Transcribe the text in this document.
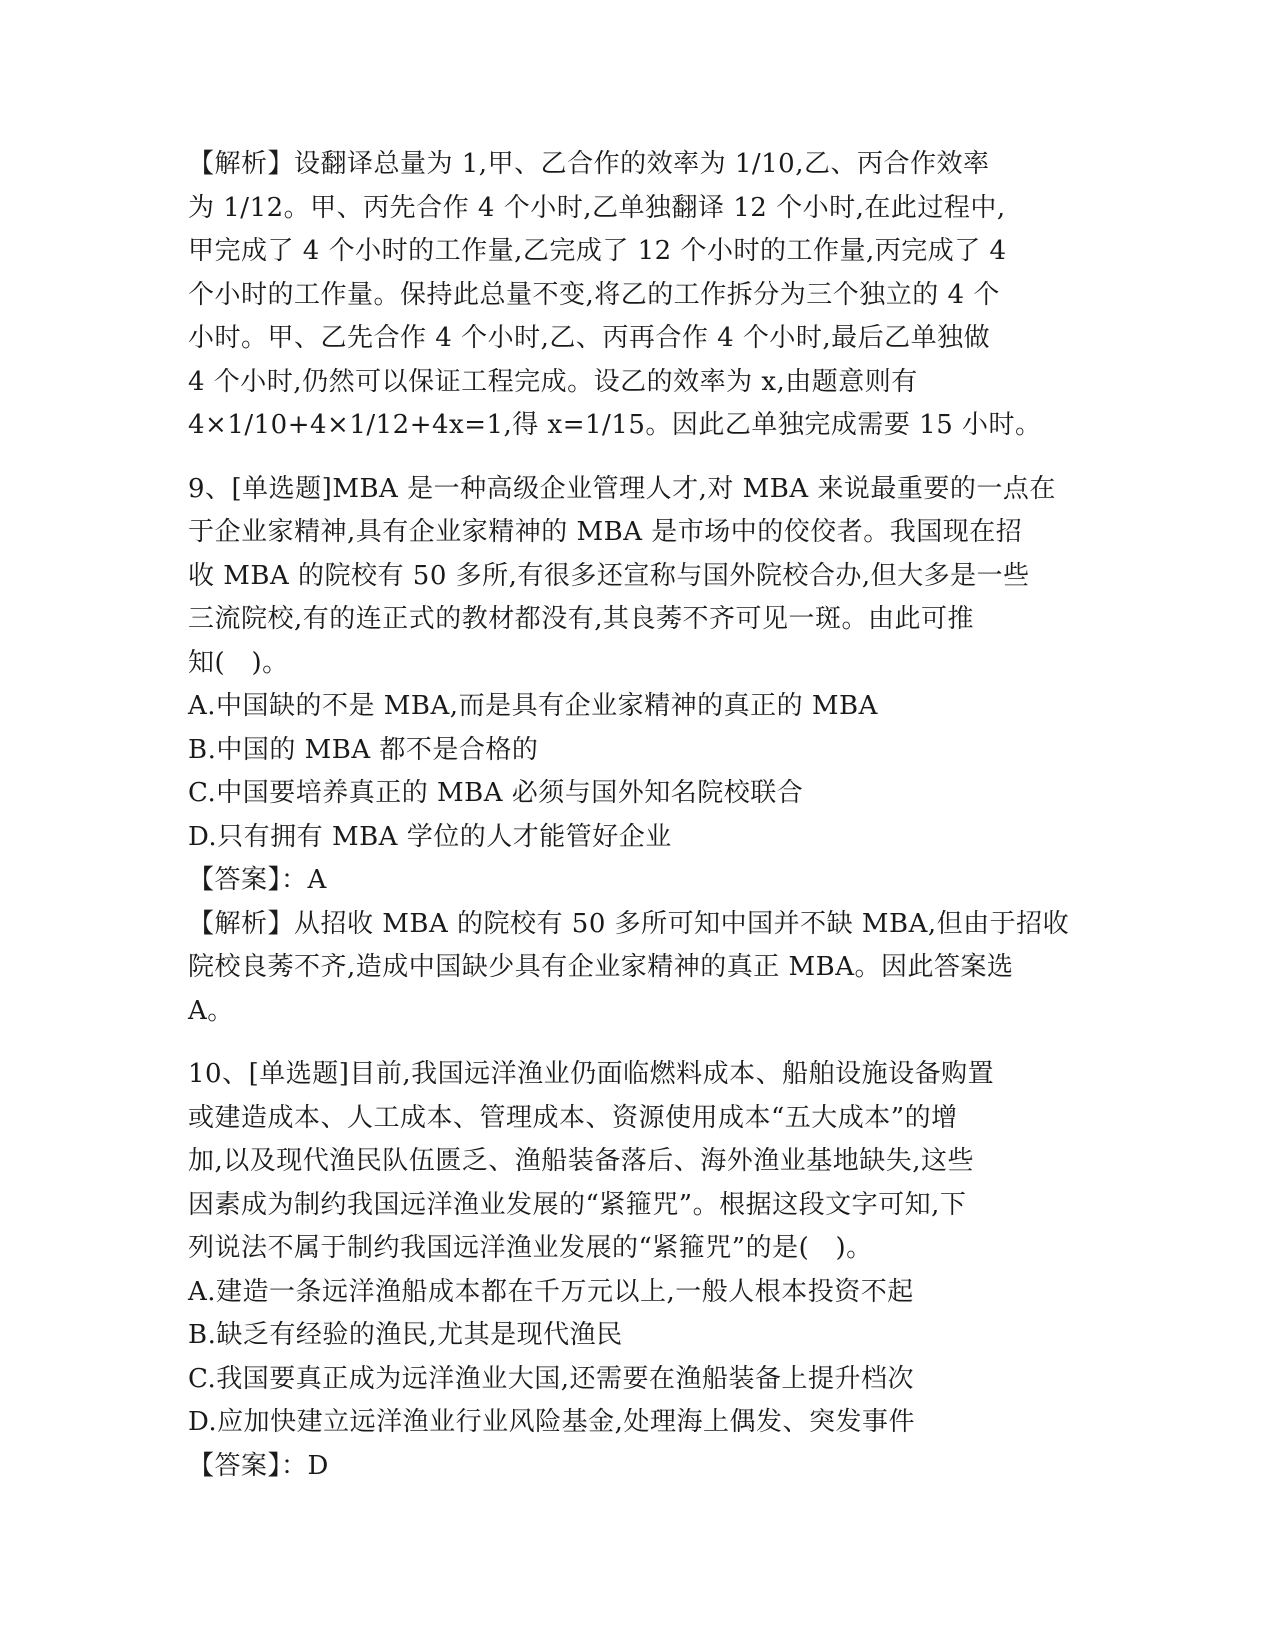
【解析】设翻译总量为 1,甲、乙合作的效率为 1/10,乙、丙合作效率
为 1/12。甲、丙先合作 4 个小时,乙单独翻译 12 个小时,在此过程中,
甲完成了 4 个小时的工作量,乙完成了 12 个小时的工作量,丙完成了 4
个小时的工作量。保持此总量不变,将乙的工作拆分为三个独立的 4 个
小时。甲、乙先合作 4 个小时,乙、丙再合作 4 个小时,最后乙单独做
4 个小时,仍然可以保证工程完成。设乙的效率为 x,由题意则有
4×1/10+4×1/12+4x=1,得 x=1/15。因此乙单独完成需要 15 小时。
9、[单选题]MBA 是一种高级企业管理人才,对 MBA 来说最重要的一点在
于企业家精神,具有企业家精神的 MBA 是市场中的佼佼者。我国现在招
收 MBA 的院校有 50 多所,有很多还宣称与国外院校合办,但大多是一些
三流院校,有的连正式的教材都没有,其良莠不齐可见一斑。由此可推
知(   )。
A.中国缺的不是 MBA,而是具有企业家精神的真正的 MBA
B.中国的 MBA 都不是合格的
C.中国要培养真正的 MBA 必须与国外知名院校联合
D.只有拥有 MBA 学位的人才能管好企业
【答案】：A
【解析】从招收 MBA 的院校有 50 多所可知中国并不缺 MBA,但由于招收
院校良莠不齐,造成中国缺少具有企业家精神的真正 MBA。因此答案选
A。
10、[单选题]目前,我国远洋渔业仍面临燃料成本、船舶设施设备购置
或建造成本、人工成本、管理成本、资源使用成本“五大成本”的增
加,以及现代渔民队伍匮乏、渔船装备落后、海外渔业基地缺失,这些
因素成为制约我国远洋渔业发展的“紧箍咒”。根据这段文字可知,下
列说法不属于制约我国远洋渔业发展的“紧箍咒”的是(   )。
A.建造一条远洋渔船成本都在千万元以上,一般人根本投资不起
B.缺乏有经验的渔民,尤其是现代渔民
C.我国要真正成为远洋渔业大国,还需要在渔船装备上提升档次
D.应加快建立远洋渔业行业风险基金,处理海上偶发、突发事件
【答案】：D
